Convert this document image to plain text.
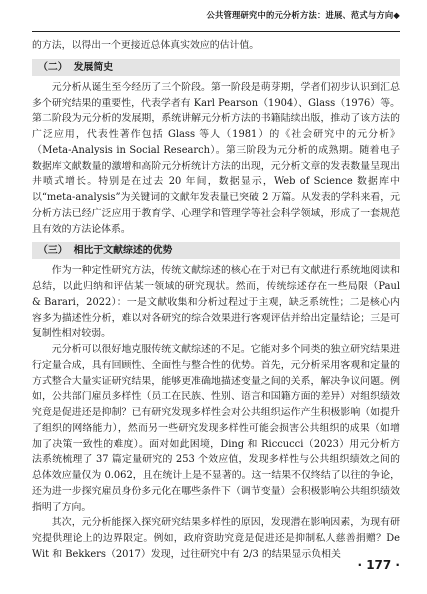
公共管理研究中的元分析方法：进展、范式与方向◆

的方法，以得出一个更接近总体真实效应的估计值。

（二） 发展简史

元分析从诞生至今经历了三个阶段。第一阶段是萌芽期，学者们初步认识到汇总多个研究结果的重要性，代表学者有 Karl Pearson（1904）、Glass（1976）等。第二阶段为元分析的发展期，系统讲解元分析方法的书籍陆续出版，推动了该方法的广泛应用，代表性著作包括 Glass 等人（1981）的《社会研究中的元分析》（Meta-Analysis in Social Research）。第三阶段为元分析的成熟期。随着电子数据库文献数量的激增和高阶元分析统计方法的出现，元分析文章的发表数量呈现出井喷式增长。特别是在过去 20 年间，数据显示，Web of Science 数据库中以“meta-analysis”为关键词的文献年发表量已突破 2 万篇。从发表的学科来看，元分析方法已经广泛应用于教育学、心理学和管理学等社会科学领域，形成了一套规范且有效的方法论体系。

（三） 相比于文献综述的优势

作为一种定性研究方法，传统文献综述的核心在于对已有文献进行系统地阅读和总结，以此归纳和评估某一领域的研究现状。然而，传统综述存在一些局限（Paul & Barari，2022）：一是文献收集和分析过程过于主观，缺乏系统性；二是核心内容多为描述性分析，难以对各研究的综合效果进行客观评估并给出定量结论；三是可复制性相对较弱。

元分析可以很好地克服传统文献综述的不足。它能对多个同类的独立研究结果进行定量合成，具有回顾性、全面性与整合性的优势。首先，元分析采用客观和定量的方式整合大量实证研究结果，能够更准确地描述变量之间的关系，解决争议问题。例如，公共部门雇员多样性（员工在民族、性别、语言和国籍方面的差异）对组织绩效究竟是促进还是抑制？已有研究发现多样性会对公共组织运作产生积极影响（如提升了组织的网络能力），然而另一些研究发现多样性可能会损害公共组织的成果（如增加了决策一致性的难度）。面对如此困境，Ding 和 Riccucci（2023）用元分析方法系统梳理了 37 篇定量研究的 253 个效应值，发现多样性与公共组织绩效之间的总体效应量仅为 0.062，且在统计上是不显著的。这一结果不仅终结了以往的争论，还为进一步探究雇员身份多元化在哪些条件下（调节变量）会积极影响公共组织绩效指明了方向。

其次，元分析能探入探究研究结果多样性的原因，发现潜在影响因素，为现有研究提供理论上的边界限定。例如，政府资助究竟是促进还是抑制私人慈善捐赠？De Wit 和 Bekkers（2017）发现，过往研究中有 2/3 的结果显示负相关

· 177 ·
